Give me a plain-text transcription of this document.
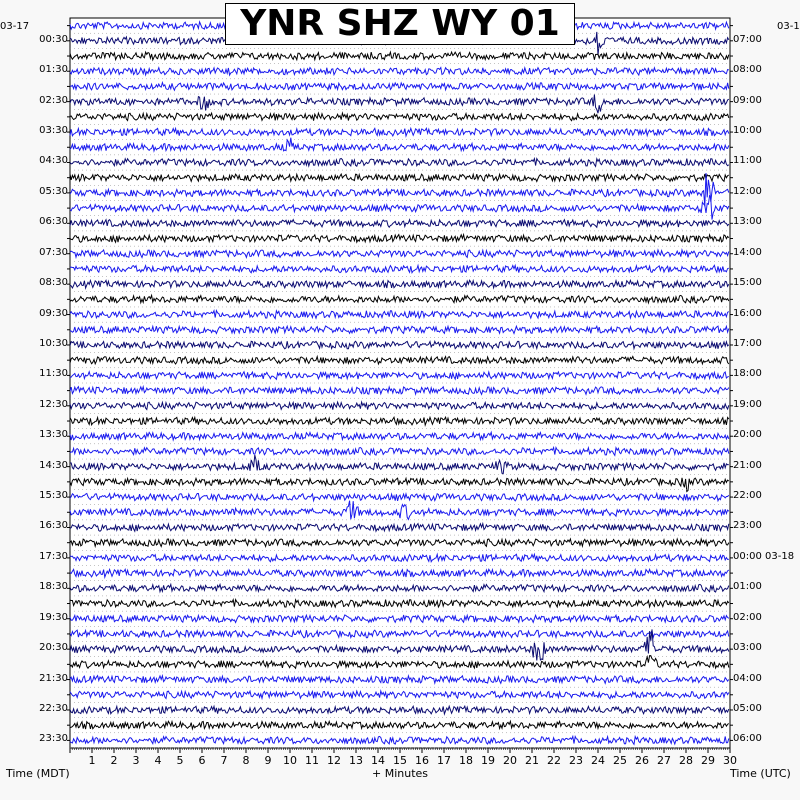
YNR SHZ WY 01
03-17	03-1
00:30
01:30
02:30
03:30
04:30
05:30
06:30
07:30
08:30
09:30
10:30
11:30
12:30
13:30
14:30
15:30
16:30
17:30
18:30
19:30
20:30
21:30
22:30
23:30
07:00
08:00
09:00
10:00
11:00
12:00
13:00
14:00
15:00
16:00
17:00
18:00
19:00
20:00
21:00
22:00
23:00
00:00 03-18
01:00
02:00
03:00
04:00
05:00
06:00
1	2	3	4	5	6	7	8	9	10 11 12 13 14 15 16 17 18 19 20 21 22 23 24 25 26 27 28 29 30
Time (MDT)	+ Minutes	Time (UTC)
